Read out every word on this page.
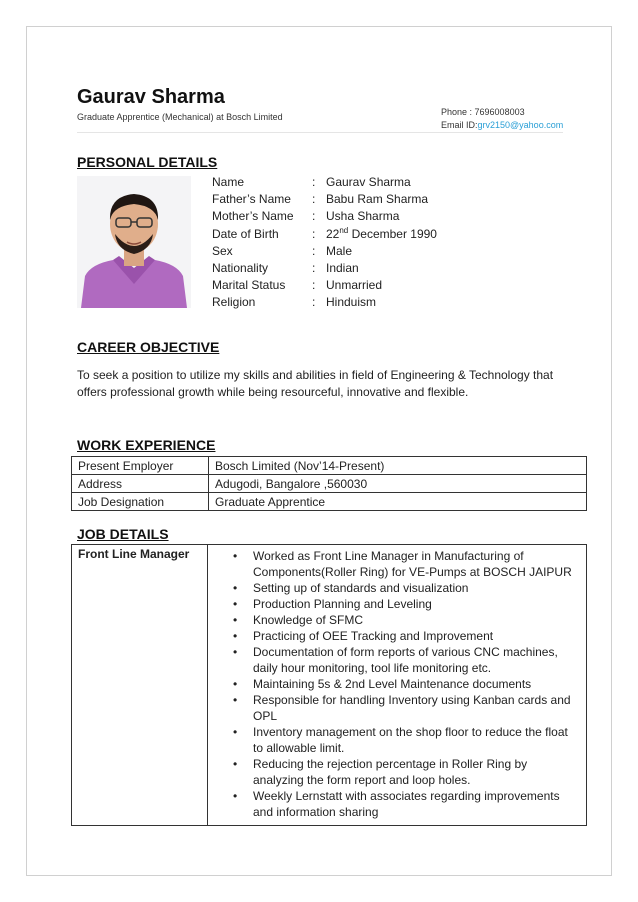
Gaurav Sharma
Graduate Apprentice (Mechanical) at Bosch Limited	Phone : 7696008003
Email ID:grv2150@yahoo.com
PERSONAL DETAILS
Name	: Gaurav Sharma
Father’s Name	: Babu Ram Sharma
Mother’s Name	: Usha Sharma
Date of Birth	: 22nd December 1990
Sex	: Male
Nationality	: Indian
Marital Status	: Unmarried
Religion	: Hinduism
CAREER OBJECTIVE
To seek a position to utilize my skills and abilities in field of Engineering & Technology that offers professional growth while being resourceful, innovative and flexible.
WORK EXPERIENCE
Present Employer	Bosch Limited (Nov’14-Present)
Address	Adugodi, Bangalore ,560030
Job Designation	Graduate Apprentice
JOB DETAILS
Front Line Manager	• Worked as Front Line Manager in Manufacturing of Components(Roller Ring) for VE-Pumps at BOSCH JAIPUR
• Setting up of standards and visualization
• Production Planning and Leveling
• Knowledge of SFMC
• Practicing of OEE Tracking and Improvement
• Documentation of form reports of various CNC machines, daily hour monitoring, tool life monitoring etc.
• Maintaining 5s & 2nd Level Maintenance documents
• Responsible for handling Inventory using Kanban cards and OPL
• Inventory management on the shop floor to reduce the float to allowable limit.
• Reducing the rejection percentage in Roller Ring by analyzing the form report and loop holes.
• Weekly Lernstatt with associates regarding improvements and information sharing
